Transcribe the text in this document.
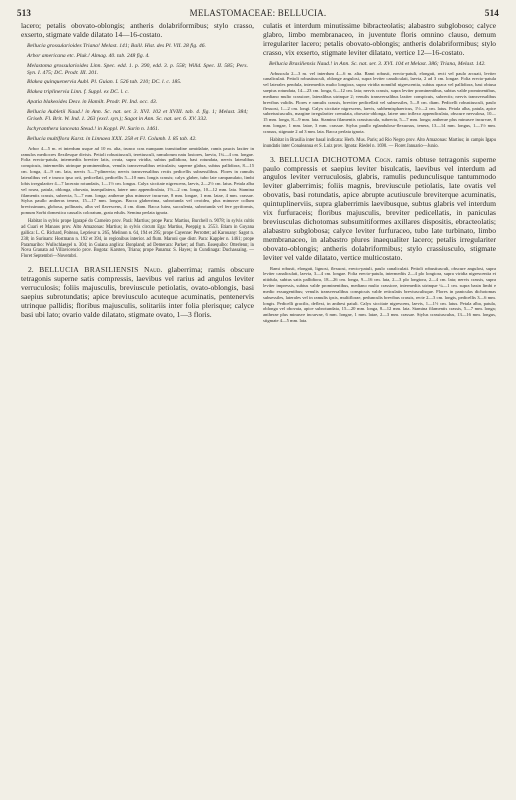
513	MELASTOMACEAE: BELLUCIA.	514

lacero; petalis obovato-oblongis; antheris dolabriformibus; stylo crasso, exserto, stigmate valde dilatato 14—16-costato.

Bellucia grossularioides Triana! Melast. 141; Baill. Hist. des Pl. VII. 28 fig. 46.

Arbor americana etc. Pluk.! Almag. 40. tab. 248 fig. 4.

Melastoma grossularioides Linn. Spec. edd. 1. p. 390, edd. 3. p. 558; Willd. Spec. II. 585; Pers. Syn. I. 475; DC. Prodr. III. 201.

Blakea quinquenervia Aubl. Pl. Guian. I. 526 tab. 210; DC. l. c. 185.

Blakea triplinervia Linn. f. Suppl. ex DC. l. c.

Apatia blakeoides Desv. in Hamilt. Prodr. Pl. Ind. occ. 43.

Bellucia Aubletii Naud.! in Ann. Sc. nat. ser. 3. XVI. 102 et XVIII. tab. 4. fig. 1; Melast. 384; Griseb. Fl. Brit. W. Ind. 1. 263 (excl. syn.); Sagot in Ann. Sc. nat. ser. 6. XV. 332.

Ischyranthera lanceata Steud.! in Koppl. Pl. Surin n. 1461.

Bellucia multiflora Karst. in Linnaea XXX. 258 et Fl. Columb. I. 85 tab. 42.

Arbor 4—5 m. et interdum usque ad 10 m. alta, trunco cras nunquam transitudine armidalate, ramis paucis laxiter in ramulos mediocres flexilesque divisis. Petioli robustiusculi, teretiusculi, ramulorum natu laxiores, laevia, 1¾—4 cm. longae. Folia erecto-patula, intermediis breviter latis, ovata, supra viridia, subtus pallidiora, basi rotundata, nervis lateralibus conspicuis, intermediis utrinque prominentibus, venulis transversalibus reticulatis; superne glabra, subtus pallidiora, 8—15 cm. longa, 4—9 cm. lata, nervis 5—7-plinervia; nervis transversalibus rectis pedicellis subsessilibus. Flores in ramulis lateralibus vel e trunco ipso orti, pedicellati, pedicellis 5—10 mm. longis crassis; calyx glaber, tubo late campanulato, limbi lobis irregulariter 4—7 lacerato rotundatis, 1—1½ cm. longus. Calyx siccitate nigrescens, laevis, 2—2½ cm. latus. Petala alba vel rosea, patula, oblonga, obovata, inaequilatera, latere uno appendiculata, 1½—2 cm. longa, 10—12 mm. lata. Stamina filamentis crassis, subrecta, 5—7 mm. longa; antherae plus minusve incurvae, 8 mm. longae, 1 mm. latae, 4 mm. crassae. Stylus paullo antheras tenera, 15—17 mm. longus. Bacca glaberrima, subrotunda vel ovoidea, plus minusve collum brevissimum, globosa, pollinaris, alba vel flavescens, 4 cm. diam. Bacca lutea, succulenta, subrotunda vel fere pyriformis, pomum Sorbi domestica causalis coloratum, grata edulis. Semina perlata ignota.

Habitat in sylvis prope Igarapé do Carneiro prov. Pará: Martius; prope Para: Martius, Burchell n. 9078; in sylvis cultis ad Cuari et Manaos prov. Alto Amazonas: Martius; in sylvis circum Ega: Martius, Poeppig n. 2553. Etiam in Guyana gallica: L. C. Richard, Poiteau, Leprieur n. 265, Melinon n. 64, 194 et 295; prope Cayenne: Perrottet; ad Karouany: Sagot n. 238; in Surinam: Hostmann n. 192 et 394, in regionibus interior. ad flum. Maroni que distr. Para: Kappler n. 1461; prope Paramaribo: Wullschlaegel n. 304; in Guiana anglica: Bonpland; ad Demerara: Parker; ad flum. Essequibo: Otterlenn; in Nova Granata ad Villavicencio prov. Bogota: Karsten, Triana; prope Panama: S. Hayes; in Cundinaga: Duchassaing. — Floret Septembri—Novembri.

2. BELLUCIA BRASILIENSIS Naud. glaberrima; ramis obscure tetragonis superne satis compressis, laevibus vel rarius ad angulos leviter verruculosis; foliis majusculis, breviuscule petiolatis, ovato-oblongis, basi saepius subrotundatis; apice breviusculo acuteque acuminatis, pentenervis utrinque pallidis; floribus majusculis, solitariis inter folia plerisque; calyce basi ubi lato; ovario valde dilatato, stigmate ovato, 1—3 floris.

culatis et interdum minutissime bibracteolatis; alabastro subgloboso; calyce glabro, limbo membranaceo, in juventute floris omnino clauso, demum irregulariter lacero; petalis obovato-oblongis; antheris dolabriformibus; stylo crasso, vix exserto, stigmate leviter dilatato, vertice 12—16-costato.

Bellucia Brasiliensis Naud.! in Ann. Sc. nat. ser. 3. XVI. 104 et Melast. 386; Triana, Melast. 142.

Arbuscula 2—3 m. vel interdum 4—6 m. alta. Rami robusti, erecto-patuli, elongati, recti vel paulo arcuati, leviter canaliculati. Petioli robustiusculi, oblonge angulosi, supra leviter canaliculati, laevia, 2 ad 3 cm. longae. Folia erecto-patula vel laterales pendula, intermediis multo longiora, supra viridia nonnihil nigrescentia, subtus opaca vel pallidiora, basi obtusa saepius rotundata, 14—23 cm. longa, 6—12 cm. lata; nervis crassis, supra leviter prominentibus, subtus valde prominentibus, mediano multo crassiore, lateralibus utrinque 2; venulis transversalibus laxiter conspicuis, subrectis; nervis transversalibus brevibus validis. Flores e ramulis crassis, breviter pedicellati vel subsessiles, 5—8 cm. diam. Pedicelli robustiusculi, paulo flexuosi, 1—2 cm. longi. Calyx siccitate nigrescens, laevis, subhemisphaericus, 1½—2 cm. latus. Petala alba, patula, apice subretusiusculis, margine irregulariter crenulata, obovato-oblonga, latere uno inflexo appendiculata, obscure nervulosa, 10—15 mm. longa, 8—9 mm. lata. Stamina filamentis crassiuscula, subrecta, 5—7 mm. longa; antherae plus minusve incurvae, 8 mm. longae, 1 mm. latae, 3 mm. crassae. Stylus paullo eglanduloso-flexuosus, tenera, 13—14 mm. longus, 1—1½ mm. crassus, stigmate 2 ad 3 mm. lata. Bacca perlata ignota.

Habitat in Brasilia inter basal indicata: Herb. Mus. Paris; ad Rio Negro prov. Alto Amazonas: Martius; in campis Igapu inundatis inter Conaleanua et S. Luiz prov. Ignota: Riedel n. 1690. — Floret Januario—Junio.

3. BELLUCIA DICHOTOMA Cogn. ramis obtuse tetragonis superne paulo compressis et saepius leviter bisulcatis, laevibus vel interdum ad angulos leviter verruculosis, glabris, ramulis pedunculisque tantummodo leviter glaberrimis; foliis magnis, breviuscule petiolatis, late ovatis vel obovatis, basi rotundatis, apice abrupte acutiuscule breviterque acuminatis, quintuplinerviis, supra glaberrimis laevibusque, subtus glabris vel interdum vix furfuraceis; floribus majusculis, breviter pedicellatis, in paniculas breviusculas dichotomas subsumitiformes axillares dispositis, ebracteolatis; alabastro subglobosa; calyce leviter furfuraceo, tubo late turbinato, limbo membranaceo, in alabastro plures inaequaliter lacero; petalis irregulariter obovato-oblongis; antheris dolabriformibus; stylo crassiusculo, stigmate leviter vel valde dilatato, vertice multicostato.

Rami robusti, elongati, lignosi, flexuosi, erecto-patuli, paulo canaliculati. Petioli robustiusculi, obscure angulosi, supra leviter canaliculati, laevia, 3—4 cm. longae. Folia erecto-patula, intermediis 2—4 plo longiora, supra viridia nigrescentia et nitidula, subtus satis pallidiora, 18—26 cm. longa, 9—16 cm. lata, 2—3 plo longiora, 2—4 cm. lata; nervis crassis, supra leviter impressis, subtus valde prominentibus, mediano multo crassiore, intermediis utrinque ¼—1 cm. supra basin limbi e medio exsurgentibus; venulis transversalibus conspicuis valde reticulatis breviusculisque. Flores in paniculas dichotomas subsessiles, laterales vel in ramulis ipsis, multiflorae, pedunculis brevibus crassis, recte 2—3 cm. longis, pedicellis 3—6 mm. longis. Pedicelli gracilis, deflexi, in anthesi patuli. Calyx siccitate nigrescens, laevis, 1—1½ cm. latus. Petala alba, patula, oblonga vel obovata, apice subrotundata, 15—20 mm. longa, 8—12 mm. lata. Stamina filamentis crassis, 5—7 mm. longa; antherae plus minusve incurvae, 6 mm. longae, 1 mm. latae, 2—3 mm. crassae. Stylus crassiusculus, 13—16 mm. longus, stigmate 4—5 mm. lata.
